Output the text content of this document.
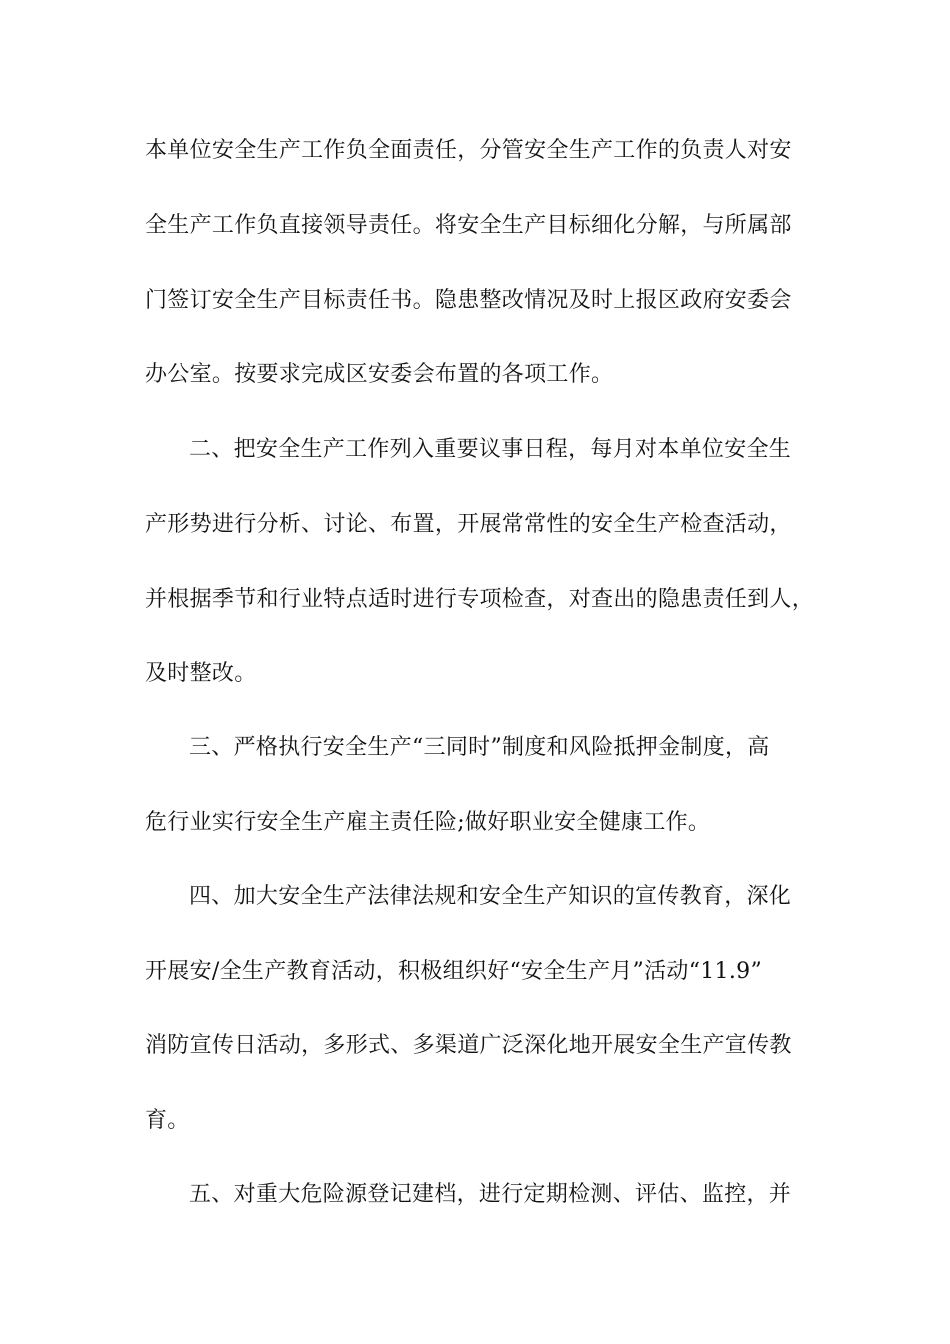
本单位安全生产工作负全面责任，分管安全生产工作的负责人对安
全生产工作负直接领导责任。将安全生产目标细化分解，与所属部
门签订安全生产目标责任书。隐患整改情况及时上报区政府安委会
办公室。按要求完成区安委会布置的各项工作。
二、把安全生产工作列入重要议事日程，每月对本单位安全生
产形势进行分析、讨论、布置，开展常常性的安全生产检查活动，
并根据季节和行业特点适时进行专项检查，对查出的隐患责任到人，
及时整改。
三、严格执行安全生产“三同时”制度和风险抵押金制度，高
危行业实行安全生产雇主责任险;做好职业安全健康工作。
四、加大安全生产法律法规和安全生产知识的宣传教育，深化
开展安/全生产教育活动，积极组织好“安全生产月”活动“11.9”
消防宣传日活动，多形式、多渠道广泛深化地开展安全生产宣传教
育。
五、对重大危险源登记建档，进行定期检测、评估、监控，并
